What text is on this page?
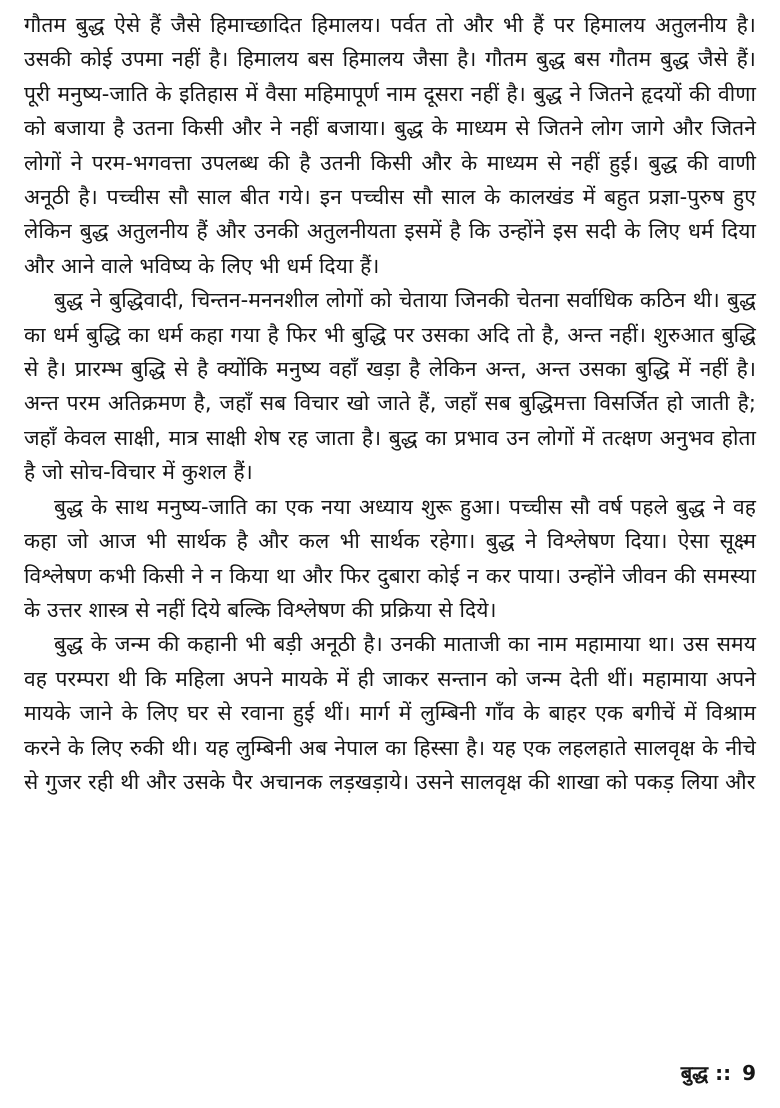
गौतम बुद्ध ऐसे हैं जैसे हिमाच्छादित हिमालय। पर्वत तो और भी हैं पर हिमालय अतुलनीय है। उसकी कोई उपमा नहीं है। हिमालय बस हिमालय जैसा है। गौतम बुद्ध बस गौतम बुद्ध जैसे हैं। पूरी मनुष्य-जाति के इतिहास में वैसा महिमापूर्ण नाम दूसरा नहीं है। बुद्ध ने जितने हृदयों की वीणा को बजाया है उतना किसी और ने नहीं बजाया। बुद्ध के माध्यम से जितने लोग जागे और जितने लोगों ने परम-भगवत्ता उपलब्ध की है उतनी किसी और के माध्यम से नहीं हुई। बुद्ध की वाणी अनूठी है। पच्चीस सौ साल बीत गये। इन पच्चीस सौ साल के कालखंड में बहुत प्रज्ञा-पुरुष हुए लेकिन बुद्ध अतुलनीय हैं और उनकी अतुलनीयता इसमें है कि उन्होंने इस सदी के लिए धर्म दिया और आने वाले भविष्य के लिए भी धर्म दिया हैं।

बुद्ध ने बुद्धिवादी, चिन्तन-मननशील लोगों को चेताया जिनकी चेतना सर्वाधिक कठिन थी। बुद्ध का धर्म बुद्धि का धर्म कहा गया है फिर भी बुद्धि पर उसका अदि तो है, अन्त नहीं। शुरुआत बुद्धि से है। प्रारम्भ बुद्धि से है क्योंकि मनुष्य वहाँ खड़ा है लेकिन अन्त, अन्त उसका बुद्धि में नहीं है। अन्त परम अतिक्रमण है, जहाँ सब विचार खो जाते हैं, जहाँ सब बुद्धिमत्ता विसर्जित हो जाती है; जहाँ केवल साक्षी, मात्र साक्षी शेष रह जाता है। बुद्ध का प्रभाव उन लोगों में तत्क्षण अनुभव होता है जो सोच-विचार में कुशल हैं।

बुद्ध के साथ मनुष्य-जाति का एक नया अध्याय शुरू हुआ। पच्चीस सौ वर्ष पहले बुद्ध ने वह कहा जो आज भी सार्थक है और कल भी सार्थक रहेगा। बुद्ध ने विश्लेषण दिया। ऐसा सूक्ष्म विश्लेषण कभी किसी ने न किया था और फिर दुबारा कोई न कर पाया। उन्होंने जीवन की समस्या के उत्तर शास्त्र से नहीं दिये बल्कि विश्लेषण की प्रक्रिया से दिये।

बुद्ध के जन्म की कहानी भी बड़ी अनूठी है। उनकी माताजी का नाम महामाया था। उस समय वह परम्परा थी कि महिला अपने मायके में ही जाकर सन्तान को जन्म देती थीं। महामाया अपने मायके जाने के लिए घर से रवाना हुई थीं। मार्ग में लुम्बिनी गाँव के बाहर एक बगीचें में विश्राम करने के लिए रुकी थी। यह लुम्बिनी अब नेपाल का हिस्सा है। यह एक लहलहाते सालवृक्ष के नीचे से गुजर रही थी और उसके पैर अचानक लड़खड़ाये। उसने सालवृक्ष की शाखा को पकड़ लिया और

बुद्ध :: 9
